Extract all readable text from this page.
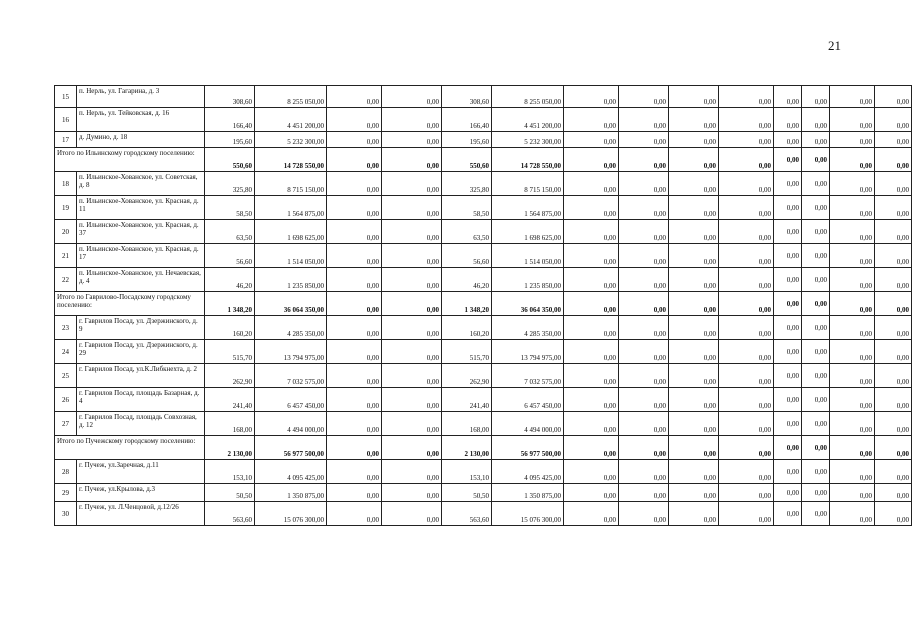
21
15	п. Нерль, ул. Гагарина, д. 3	308,60	8 255 050,00	0,00	0,00	308,60	8 255 050,00	0,00	0,00	0,00	0,00	0,00	0,00	0,00	0,00
16	п. Нерль, ул. Тейковская, д. 16	166,40	4 451 200,00	0,00	0,00	166,40	4 451 200,00	0,00	0,00	0,00	0,00	0,00	0,00	0,00	0,00
17	д. Думино, д. 18	195,60	5 232 300,00	0,00	0,00	195,60	5 232 300,00	0,00	0,00	0,00	0,00	0,00	0,00	0,00	0,00
Итого по Ильинскому городскому поселению:		550,60	14 728 550,00	0,00	0,00	550,60	14 728 550,00	0,00	0,00	0,00	0,00	0,00	0,00	0,00	0,00
18	п. Ильинское-Хованское, ул. Советская, д. 8	325,80	8 715 150,00	0,00	0,00	325,80	8 715 150,00	0,00	0,00	0,00	0,00	0,00	0,00	0,00	0,00
19	п. Ильинское-Хованское, ул. Красная, д. 11	58,50	1 564 875,00	0,00	0,00	58,50	1 564 875,00	0,00	0,00	0,00	0,00	0,00	0,00	0,00	0,00
20	п. Ильинское-Хованское, ул. Красная, д. 37	63,50	1 698 625,00	0,00	0,00	63,50	1 698 625,00	0,00	0,00	0,00	0,00	0,00	0,00	0,00	0,00
21	п. Ильинское-Хованское, ул. Красная, д. 17	56,60	1 514 050,00	0,00	0,00	56,60	1 514 050,00	0,00	0,00	0,00	0,00	0,00	0,00	0,00	0,00
22	п. Ильинское-Хованское, ул. Нечаевская, д. 4	46,20	1 235 850,00	0,00	0,00	46,20	1 235 850,00	0,00	0,00	0,00	0,00	0,00	0,00	0,00	0,00
Итого по Гаврилово-Посадскому городскому поселению:		1 348,20	36 064 350,00	0,00	0,00	1 348,20	36 064 350,00	0,00	0,00	0,00	0,00	0,00	0,00	0,00	0,00
23	г. Гаврилов Посад, ул. Дзержинского, д. 9	160,20	4 285 350,00	0,00	0,00	160,20	4 285 350,00	0,00	0,00	0,00	0,00	0,00	0,00	0,00	0,00
24	г. Гаврилов Посад, ул. Дзержинского, д. 29	515,70	13 794 975,00	0,00	0,00	515,70	13 794 975,00	0,00	0,00	0,00	0,00	0,00	0,00	0,00	0,00
25	г. Гаврилов Посад, ул.К.Либкнехта, д. 2	262,90	7 032 575,00	0,00	0,00	262,90	7 032 575,00	0,00	0,00	0,00	0,00	0,00	0,00	0,00	0,00
26	г. Гаврилов Посад, площадь Базарная, д. 4	241,40	6 457 450,00	0,00	0,00	241,40	6 457 450,00	0,00	0,00	0,00	0,00	0,00	0,00	0,00	0,00
27	г. Гаврилов Посад, площадь Совхозная, д. 12	168,00	4 494 000,00	0,00	0,00	168,00	4 494 000,00	0,00	0,00	0,00	0,00	0,00	0,00	0,00	0,00
Итого по Пучежскому городскому поселению:		2 130,00	56 977 500,00	0,00	0,00	2 130,00	56 977 500,00	0,00	0,00	0,00	0,00	0,00	0,00	0,00	0,00
28	г. Пучеж, ул.Заречная, д.11	153,10	4 095 425,00	0,00	0,00	153,10	4 095 425,00	0,00	0,00	0,00	0,00	0,00	0,00	0,00	0,00
29	г. Пучеж, ул.Крылова, д.3	50,50	1 350 875,00	0,00	0,00	50,50	1 350 875,00	0,00	0,00	0,00	0,00	0,00	0,00	0,00	0,00
30	г. Пучеж, ул. Л.Ченцовой, д.12/26	563,60	15 076 300,00	0,00	0,00	563,60	15 076 300,00	0,00	0,00	0,00	0,00	0,00	0,00	0,00	0,00
